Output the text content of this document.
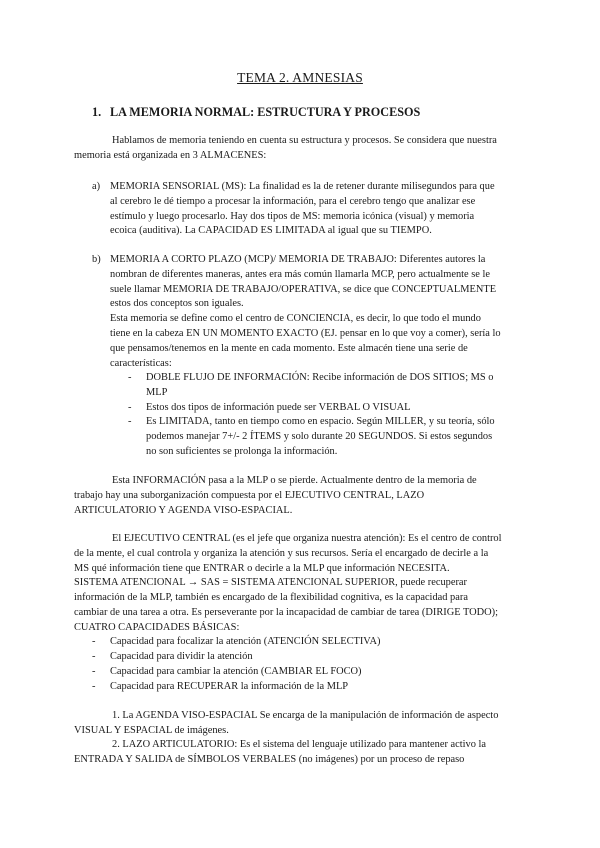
TEMA 2. AMNESIAS
1. LA MEMORIA NORMAL: ESTRUCTURA Y PROCESOS
Hablamos de memoria teniendo en cuenta su estructura y procesos. Se considera que nuestra
memoria está organizada en 3 ALMACENES:
a) MEMORIA SENSORIAL (MS): La finalidad es la de retener durante milisegundos para que
al cerebro le dé tiempo a procesar la información, para el cerebro tengo que analizar ese
estímulo y luego procesarlo. Hay dos tipos de MS: memoria icónica (visual) y memoria
ecoica (auditiva). La CAPACIDAD ES LIMITADA al igual que su TIEMPO.
b) MEMORIA A CORTO PLAZO (MCP)/ MEMORIA DE TRABAJO: Diferentes autores la
nombran de diferentes maneras, antes era más común llamarla MCP, pero actualmente se le
suele llamar MEMORIA DE TRABAJO/OPERATIVA, se dice que CONCEPTUALMENTE
estos dos conceptos son iguales.
Esta memoria se define como el centro de CONCIENCIA, es decir, lo que todo el mundo
tiene en la cabeza EN UN MOMENTO EXACTO (EJ. pensar en lo que voy a comer), sería lo
que pensamos/tenemos en la mente en cada momento. Este almacén tiene una serie de
características:
- DOBLE FLUJO DE INFORMACIÓN: Recibe información de DOS SITIOS; MS o
MLP
- Estos dos tipos de información puede ser VERBAL O VISUAL
- Es LIMITADA, tanto en tiempo como en espacio. Según MILLER, y su teoría, sólo
podemos manejar 7+/- 2 ÍTEMS y solo durante 20 SEGUNDOS. Si estos segundos
no son suficientes se prolonga la información.
Esta INFORMACIÓN pasa a la MLP o se pierde. Actualmente dentro de la memoria de
trabajo hay una suborganización compuesta por el EJECUTIVO CENTRAL, LAZO
ARTICULATORIO Y AGENDA VISO-ESPACIAL.
El EJECUTIVO CENTRAL (es el jefe que organiza nuestra atención): Es el centro de control
de la mente, el cual controla y organiza la atención y sus recursos. Sería el encargado de decirle a la
MS qué información tiene que ENTRAR o decirle a la MLP que información NECESITA.
SISTEMA ATENCIONAL → SAS = SISTEMA ATENCIONAL SUPERIOR, puede recuperar
información de la MLP, también es encargado de la flexibilidad cognitiva, es la capacidad para
cambiar de una tarea a otra. Es perseverante por la incapacidad de cambiar de tarea (DIRIGE TODO);
CUATRO CAPACIDADES BÁSICAS:
- Capacidad para focalizar la atención (ATENCIÓN SELECTIVA)
- Capacidad para dividir la atención
- Capacidad para cambiar la atención (CAMBIAR EL FOCO)
- Capacidad para RECUPERAR la información de la MLP
1. La AGENDA VISO-ESPACIAL Se encarga de la manipulación de información de aspecto
VISUAL Y ESPACIAL de imágenes.
2. LAZO ARTICULATORIO: Es el sistema del lenguaje utilizado para mantener activo la
ENTRADA Y SALIDA de SÍMBOLOS VERBALES (no imágenes) por un proceso de repaso
